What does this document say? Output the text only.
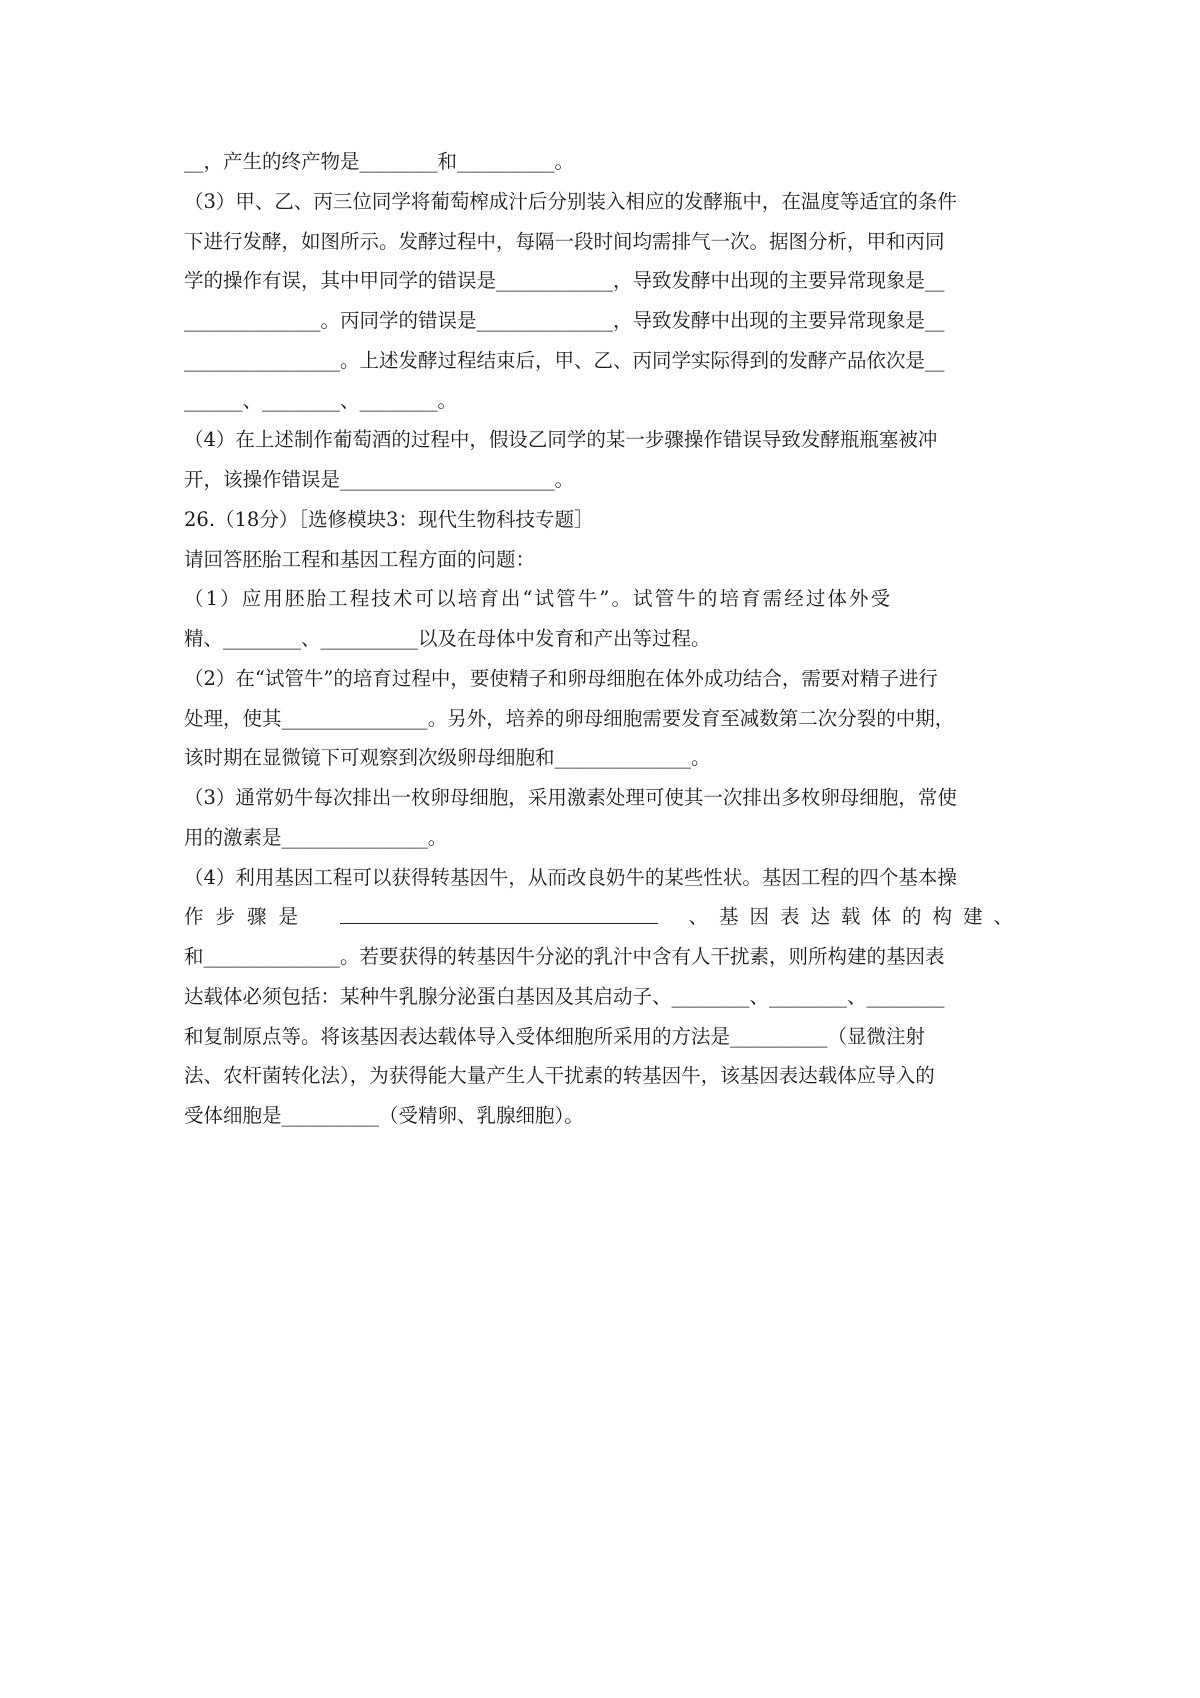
__，产生的终产物是________和__________。
（3）甲、乙、丙三位同学将葡萄榨成汁后分别装入相应的发酵瓶中，在温度等适宜的条件
下进行发酵，如图所示。发酵过程中，每隔一段时间均需排气一次。据图分析，甲和丙同
学的操作有误，其中甲同学的错误是____________，导致发酵中出现的主要异常现象是__
______________。丙同学的错误是______________，导致发酵中出现的主要异常现象是__
________________。上述发酵过程结束后，甲、乙、丙同学实际得到的发酵产品依次是__
______、________、________。
（4）在上述制作葡萄酒的过程中，假设乙同学的某一步骤操作错误导致发酵瓶瓶塞被冲
开，该操作错误是______________________。
26.（18分）［选修模块3：现代生物科技专题］
请回答胚胎工程和基因工程方面的问题：
（1）应用胚胎工程技术可以培育出“试管牛”。试管牛的培育需经过体外受
精、________、__________以及在母体中发育和产出等过程。
（2）在“试管牛”的培育过程中，要使精子和卵母细胞在体外成功结合，需要对精子进行
处理，使其_______________。另外，培养的卵母细胞需要发育至减数第二次分裂的中期，
该时期在显微镜下可观察到次级卵母细胞和______________。
（3）通常奶牛每次排出一枚卵母细胞，采用激素处理可使其一次排出多枚卵母细胞，常使
用的激素是_______________。
（4）利用基因工程可以获得转基因牛，从而改良奶牛的某些性状。基因工程的四个基本操
作步骤是	、基因表达载体的构建、
和______________。若要获得的转基因牛分泌的乳汁中含有人干扰素，则所构建的基因表
达载体必须包括：某种牛乳腺分泌蛋白基因及其启动子、________、________、________
和复制原点等。将该基因表达载体导入受体细胞所采用的方法是__________（显微注射
法、农杆菌转化法），为获得能大量产生人干扰素的转基因牛，该基因表达载体应导入的
受体细胞是__________（受精卵、乳腺细胞）。
